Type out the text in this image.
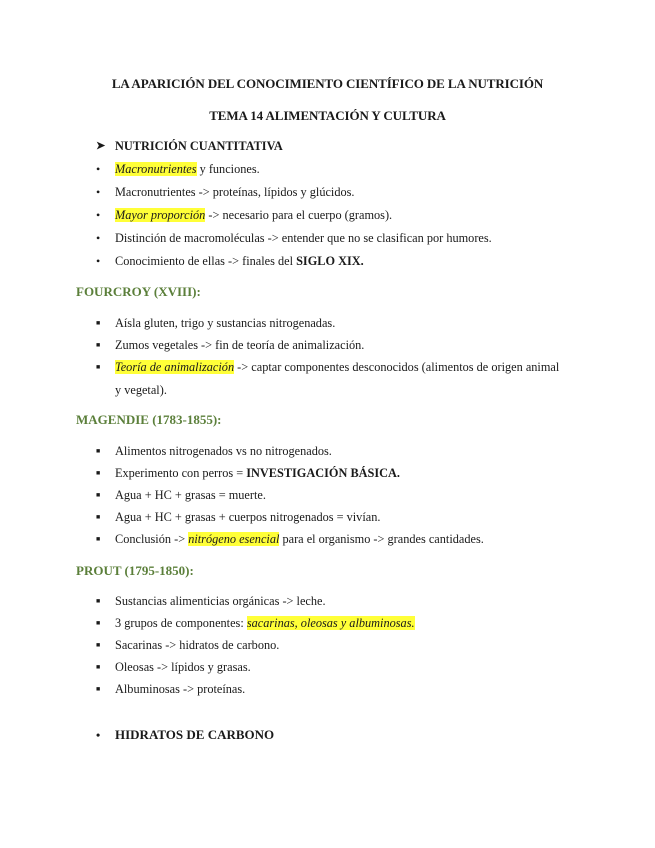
LA APARICIÓN DEL CONOCIMIENTO CIENTÍFICO DE LA NUTRICIÓN
TEMA 14 ALIMENTACIÓN Y CULTURA
➤ NUTRICIÓN CUANTITATIVA
•	Macronutrientes y funciones.
•	Macronutrientes -> proteínas, lípidos y glúcidos.
•	Mayor proporción -> necesario para el cuerpo (gramos).
•	Distinción de macromoléculas -> entender que no se clasifican por humores.
•	Conocimiento de ellas -> finales del SIGLO XIX.
FOURCROY (XVIII):
■	Aísla gluten, trigo y sustancias nitrogenadas.
■	Zumos vegetales -> fin de teoría de animalización.
■	Teoría de animalización -> captar componentes desconocidos (alimentos de origen animal
y vegetal).
MAGENDIE (1783-1855):
■	Alimentos nitrogenados vs no nitrogenados.
■	Experimento con perros = INVESTIGACIÓN BÁSICA.
■	Agua + HC + grasas = muerte.
■	Agua + HC + grasas + cuerpos nitrogenados = vivían.
■	Conclusión -> nitrógeno esencial para el organismo -> grandes cantidades.
PROUT (1795-1850):
■	Sustancias alimenticias orgánicas -> leche.
■	3 grupos de componentes: sacarinas, oleosas y albuminosas.
■	Sacarinas -> hidratos de carbono.
■	Oleosas -> lípidos y grasas.
■	Albuminosas -> proteínas.
•	HIDRATOS DE CARBONO
